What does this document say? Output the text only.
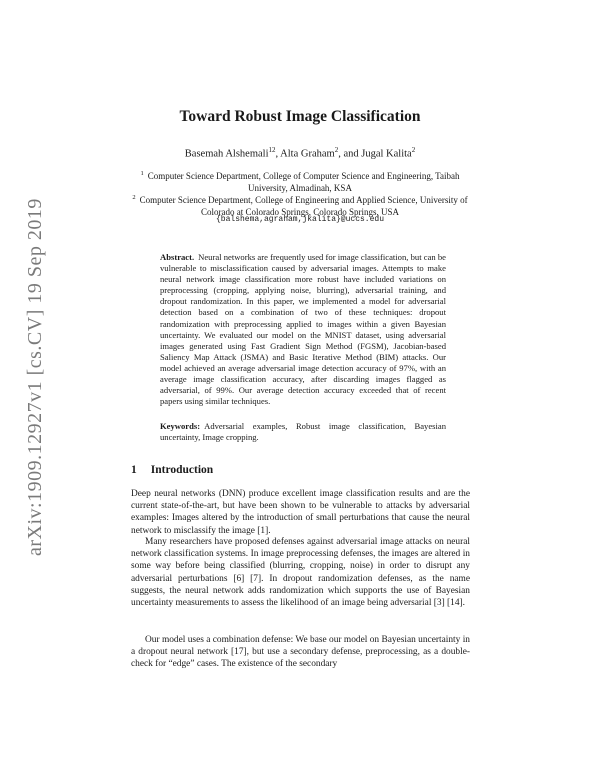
arXiv:1909.12927v1 [cs.CV] 19 Sep 2019
Toward Robust Image Classification
Basemah Alshemali$^{12}$, Alta Graham$^2$, and Jugal Kalita$^2$
$^1$ Computer Science Department, College of Computer Science and Engineering, Taibah University, Almadinah, KSA
$^2$ Computer Science Department, College of Engineering and Applied Science, University of Colorado at Colorado Springs, Colorado Springs, USA
{balshema,agraham,jkalita}@uccs.edu
Abstract. Neural networks are frequently used for image classification, but can be vulnerable to misclassification caused by adversarial images. Attempts to make neural network image classification more robust have included variations on preprocessing (cropping, applying noise, blurring), adversarial training, and dropout randomization. In this paper, we implemented a model for adversarial detection based on a combination of two of these techniques: dropout randomization with preprocessing applied to images within a given Bayesian uncertainty. We evaluated our model on the MNIST dataset, using adversarial images generated using Fast Gradient Sign Method (FGSM), Jacobian-based Saliency Map Attack (JSMA) and Basic Iterative Method (BIM) attacks. Our model achieved an average adversarial image detection accuracy of 97%, with an average image classification accuracy, after discarding images flagged as adversarial, of 99%. Our average detection accuracy exceeded that of recent papers using similar techniques.
Keywords: Adversarial examples, Robust image classification, Bayesian uncertainty, Image cropping.
1 Introduction
Deep neural networks (DNN) produce excellent image classification results and are the current state-of-the-art, but have been shown to be vulnerable to attacks by adversarial examples: Images altered by the introduction of small perturbations that cause the neural network to misclassify the image [1].
Many researchers have proposed defenses against adversarial image attacks on neural network classification systems. In image preprocessing defenses, the images are altered in some way before being classified (blurring, cropping, noise) in order to disrupt any adversarial perturbations [6] [7]. In dropout randomization defenses, as the name suggests, the neural network adds randomization which supports the use of Bayesian uncertainty measurements to assess the likelihood of an image being adversarial [3] [14].
Our model uses a combination defense: We base our model on Bayesian uncertainty in a dropout neural network [17], but use a secondary defense, preprocessing, as a double-check for “edge” cases. The existence of the secondary
